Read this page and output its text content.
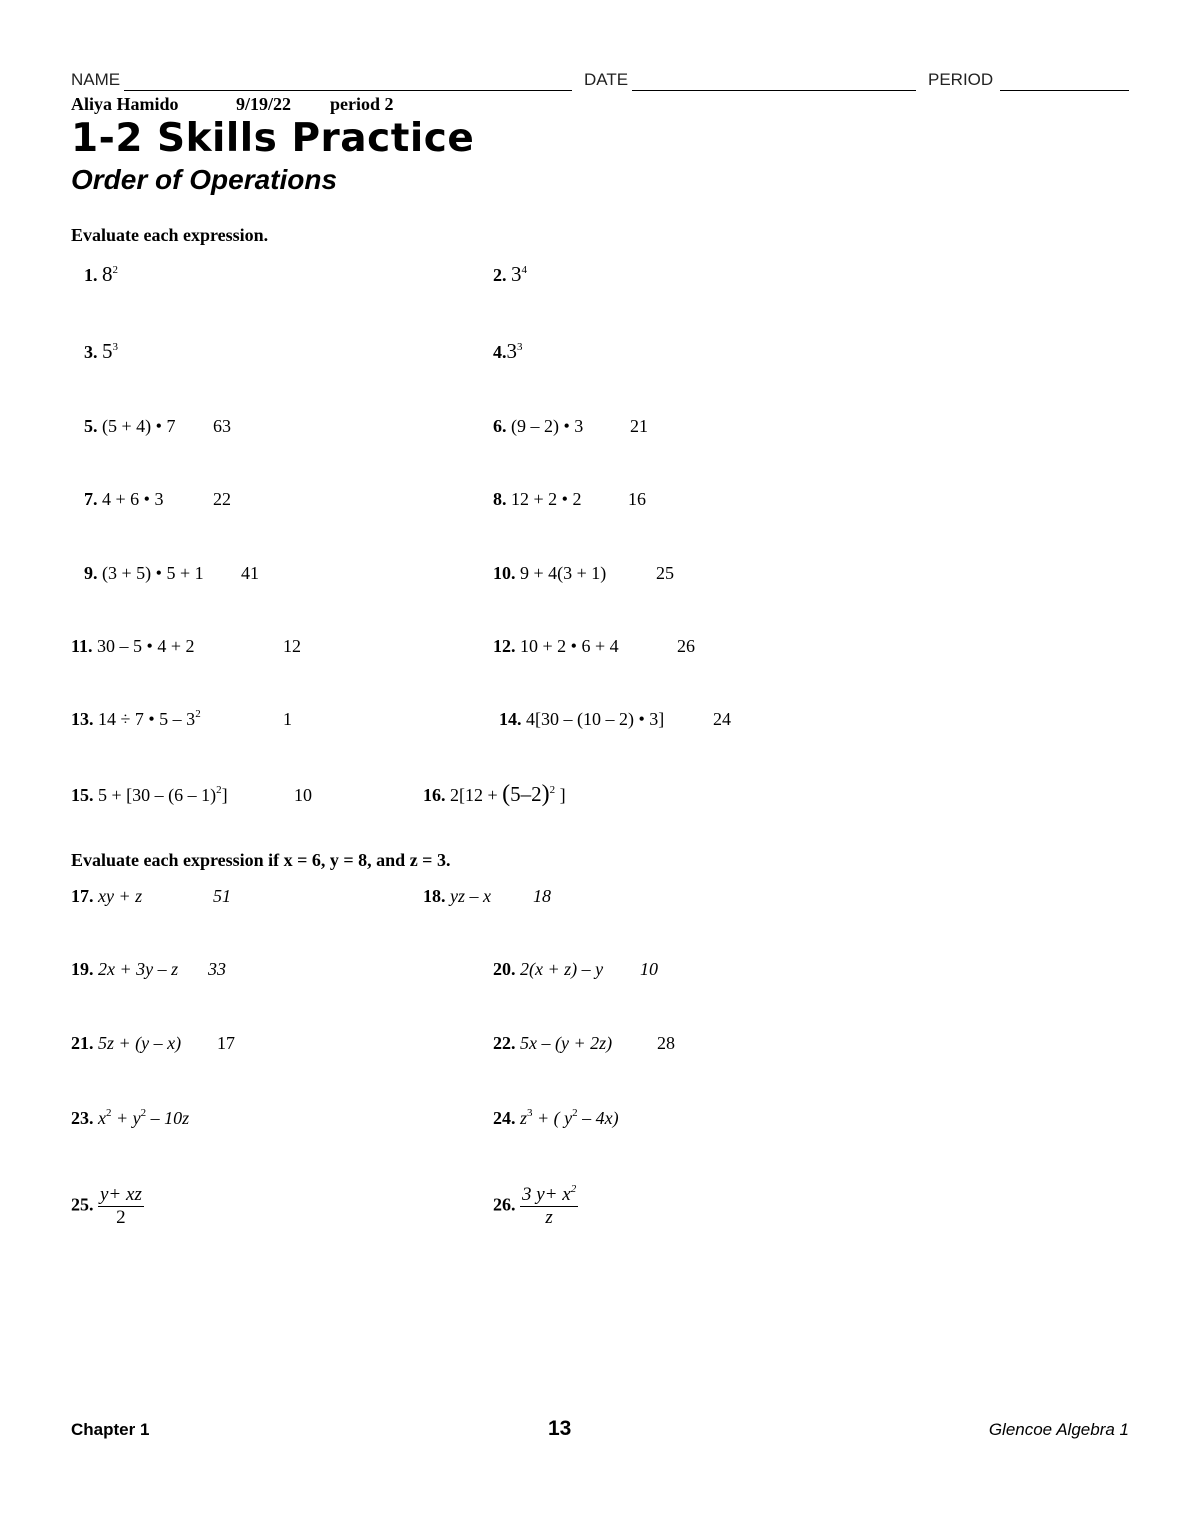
NAME	DATE	PERIOD
Aliya Hamido	9/19/22 period 2
1-2 Skills Practice
Order of Operations
Evaluate each expression.
1. $8^2$	2. $3^4$
3. $5^3$	$4.3^3$
5. (5 + 4) • 7 63	6. (9 – 2) • 3	21
7. 4 + 6 • 3	22	8. 12 + 2 • 2	16
9. (3 + 5) • 5 + 1 41	10. 9 + 4(3 + 1)	25
11. 30 – 5 • 4 + 2	12	12. 10 + 2 • 6 + 4	26
13. 14 ÷ 7 • $5 - 3^2$	1	14. 4[30 – (10 – 2) • 3]	24
15. 5 + [30 – (6 – 1)$^2$]	10	16. $2[12 + (5-2)^2$ ]
Evaluate each expression if x = 6, y = 8, and z = 3.
17. xy + z	51	18. yz – x 18
19. 2x + 3y – z 33	20. 2(x + z) – y 10
21. 5z + (y – x) 17	22. 5x – (y + 2z) 28
23. $x^2 + y^2 - 10z$	24. $z^3$ + ( $y^2 - 4x$)
25. $\frac{y+ xz}{2}$	26. $\frac{3 y+ x^2}{z}$
Chapter 1	13	Glencoe Algebra 1
